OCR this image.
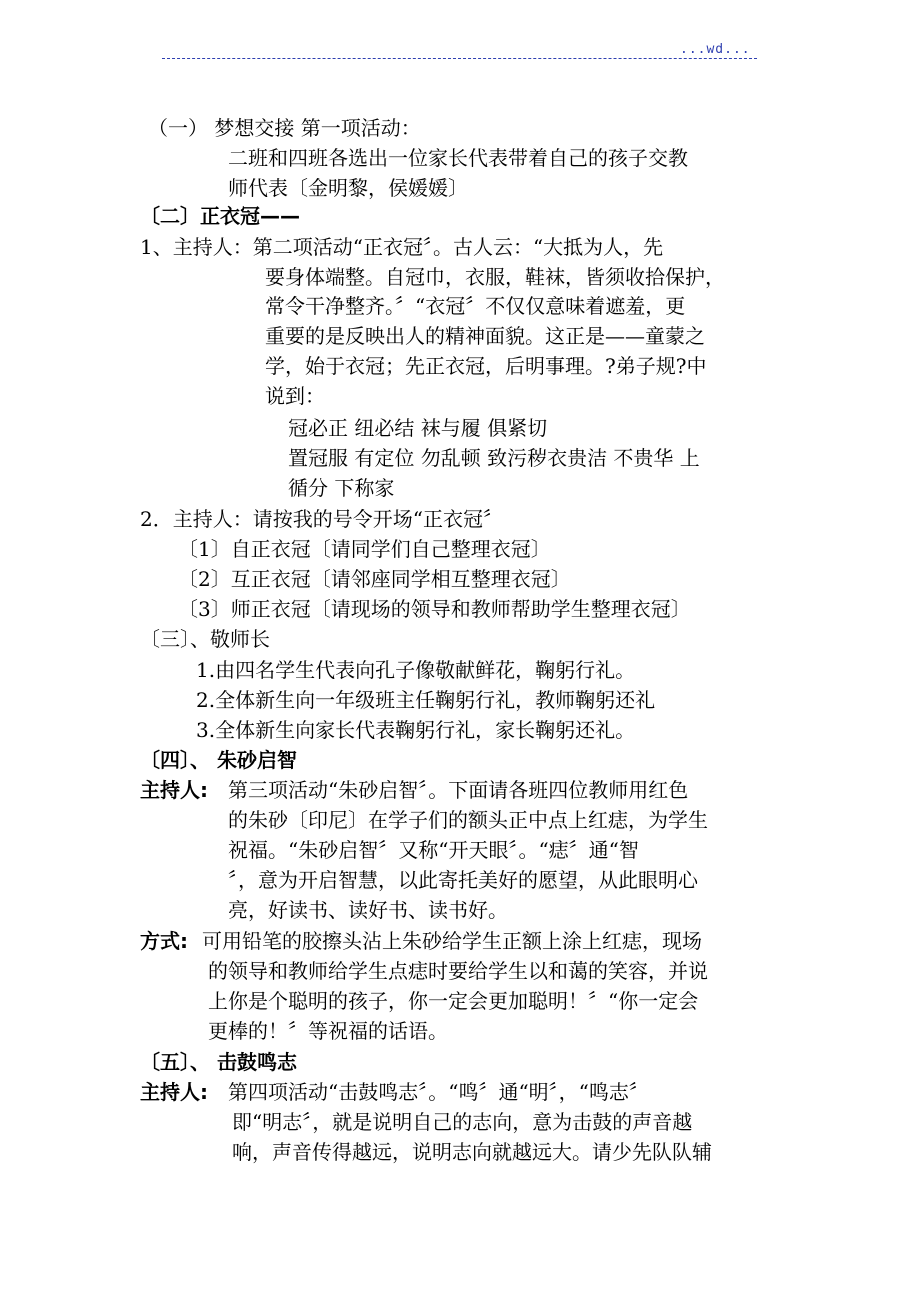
...wd...
（一） 梦想交接 第一项活动：
二班和四班各选出一位家长代表带着自己的孩子交教
师代表〔金明黎，侯媛媛〕
〔二〕正衣冠——
1、主持人：第二项活动“正衣冠〞。古人云：“大抵为人，先
要身体端整。自冠巾，衣服，鞋袜，皆须收拾保护，
常令干净整齐。〞“衣冠〞不仅仅意味着遮羞，更
重要的是反映出人的精神面貌。这正是——童蒙之
学，始于衣冠；先正衣冠，后明事理。?弟子规?中
说到：
冠必正 纽必结 袜与履 俱紧切
置冠服 有定位 勿乱顿 致污秽衣贵洁 不贵华 上
循分 下称家
2．主持人：请按我的号令开场“正衣冠〞
〔1〕自正衣冠〔请同学们自己整理衣冠〕
〔2〕互正衣冠〔请邻座同学相互整理衣冠〕
〔3〕师正衣冠〔请现场的领导和教师帮助学生整理衣冠〕
〔三〕、敬师长
1.由四名学生代表向孔子像敬献鲜花，鞠躬行礼。
2.全体新生向一年级班主任鞠躬行礼，教师鞠躬还礼
3.全体新生向家长代表鞠躬行礼，家长鞠躬还礼。
〔四〕、 朱砂启智
主持人: 第三项活动“朱砂启智〞。下面请各班四位教师用红色
的朱砂〔印尼〕在学子们的额头正中点上红痣，为学生
祝福。“朱砂启智〞又称“开天眼〞。“痣〞通“智
〞，意为开启智慧，以此寄托美好的愿望，从此眼明心
亮，好读书、读好书、读书好。
方式: 可用铅笔的胶擦头沾上朱砂给学生正额上涂上红痣，现场
的领导和教师给学生点痣时要给学生以和蔼的笑容，并说
上你是个聪明的孩子，你一定会更加聪明！〞“你一定会
更棒的！〞等祝福的话语。
〔五〕、 击鼓鸣志
主持人: 第四项活动“击鼓鸣志〞。“鸣〞通“明〞，“鸣志〞
即“明志〞，就是说明自己的志向，意为击鼓的声音越
响，声音传得越远，说明志向就越远大。请少先队队辅
